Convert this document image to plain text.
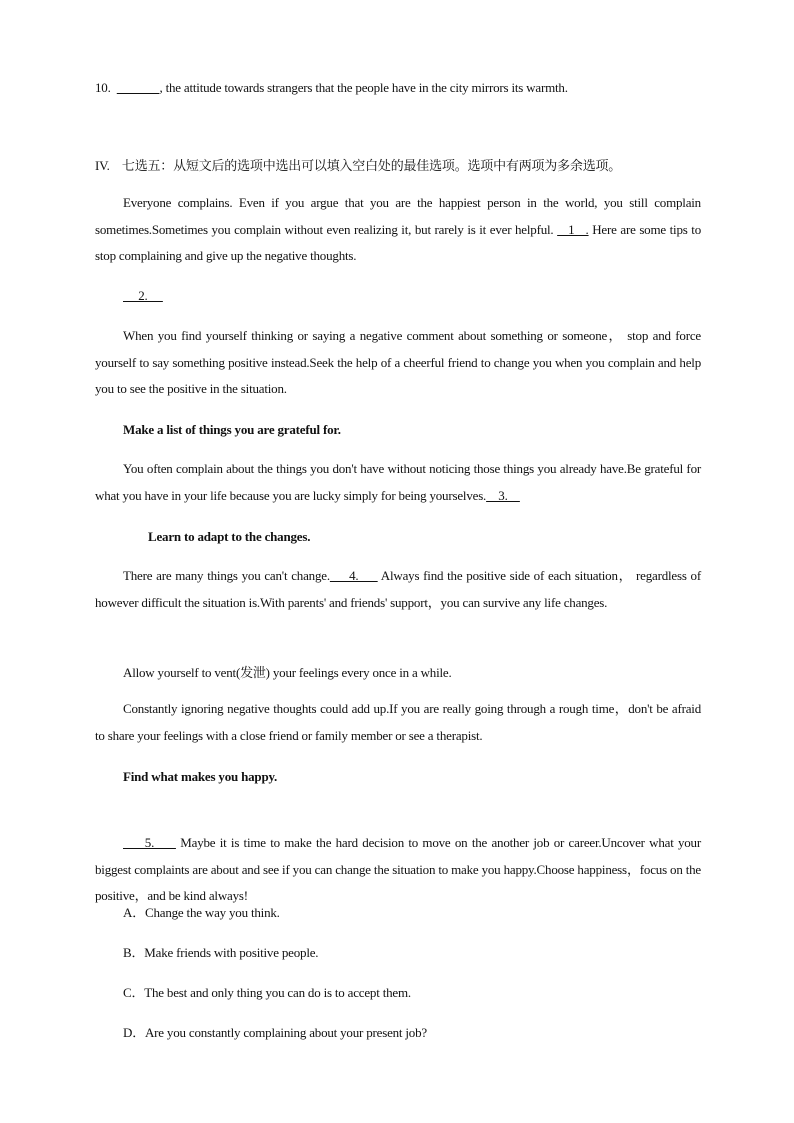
10.	, the attitude towards strangers that the people have in the city mirrors its warmth.
IV. 七选五：从短文后的选项中选出可以填入空白处的最佳选项。选项中有两项为多余选项。
Everyone complains. Even if you argue that you are the happiest person in the world, you still complain sometimes.Sometimes you complain without even realizing it, but rarely is it ever helpful.    1   . Here are some tips to stop complaining and give up the negative thoughts.
2.
When you find yourself thinking or saying a negative comment about something or someone， stop and force yourself to say something positive instead.Seek the help of a cheerful friend to change you when you complain and help you to see the positive in the situation.
Make a list of things you are grateful for.
You often complain about the things you don't have without noticing those things you already have.Be grateful for what you have in your life because you are lucky simply for being yourselves.    3.
Learn to adapt to the changes.
There are many things you can't change.     4.      Always find the positive side of each situation， regardless of however difficult the situation is.With parents' and friends' support，you can survive any life changes.
Allow yourself to vent(发泄) your feelings every once in a while.
Constantly ignoring negative thoughts could add up.If you are really going through a rough time，don't be afraid to share your feelings with a close friend or family member or see a therapist.
Find what makes you happy.
5.      Maybe it is time to make the hard decision to move on the another job or career.Uncover what your biggest complaints are about and see if you can change the situation to make you happy.Choose happiness，focus on the positive，and be kind always!
A．Change the way you think.
B．Make friends with positive people.
C．The best and only thing you can do is to accept them.
D．Are you constantly complaining about your present job?
